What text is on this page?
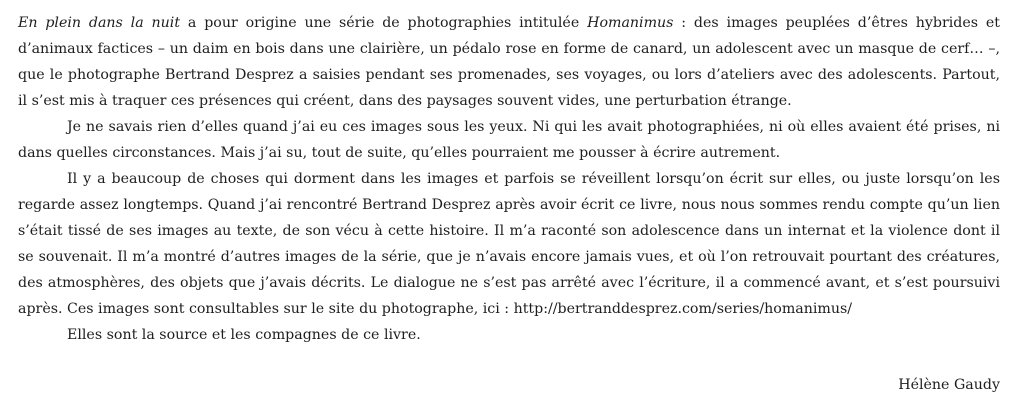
En plein dans la nuit a pour origine une série de photographies intitulée Homanimus : des images peuplées d’êtres hybrides et d’animaux factices – un daim en bois dans une clairière, un pédalo rose en forme de canard, un adolescent avec un masque de cerf… –, que le photographe Bertrand Desprez a saisies pendant ses promenades, ses voyages, ou lors d’ateliers avec des adolescents. Partout, il s’est mis à traquer ces présences qui créent, dans des paysages souvent vides, une perturbation étrange.

Je ne savais rien d’elles quand j’ai eu ces images sous les yeux. Ni qui les avait photographiées, ni où elles avaient été prises, ni dans quelles circonstances. Mais j’ai su, tout de suite, qu’elles pourraient me pousser à écrire autrement.

Il y a beaucoup de choses qui dorment dans les images et parfois se réveillent lorsqu’on écrit sur elles, ou juste lorsqu’on les regarde assez longtemps. Quand j’ai rencontré Bertrand Desprez après avoir écrit ce livre, nous nous sommes rendu compte qu’un lien s’était tissé de ses images au texte, de son vécu à cette histoire. Il m’a raconté son adolescence dans un internat et la violence dont il se souvenait. Il m’a montré d’autres images de la série, que je n’avais encore jamais vues, et où l’on retrouvait pourtant des créatures, des atmosphères, des objets que j’avais décrits. Le dialogue ne s’est pas arrêté avec l’écriture, il a commencé avant, et s’est poursuivi après. Ces images sont consultables sur le site du photographe, ici : http://bertranddesprez.com/series/homanimus/

Elles sont la source et les compagnes de ce livre.

Hélène Gaudy
